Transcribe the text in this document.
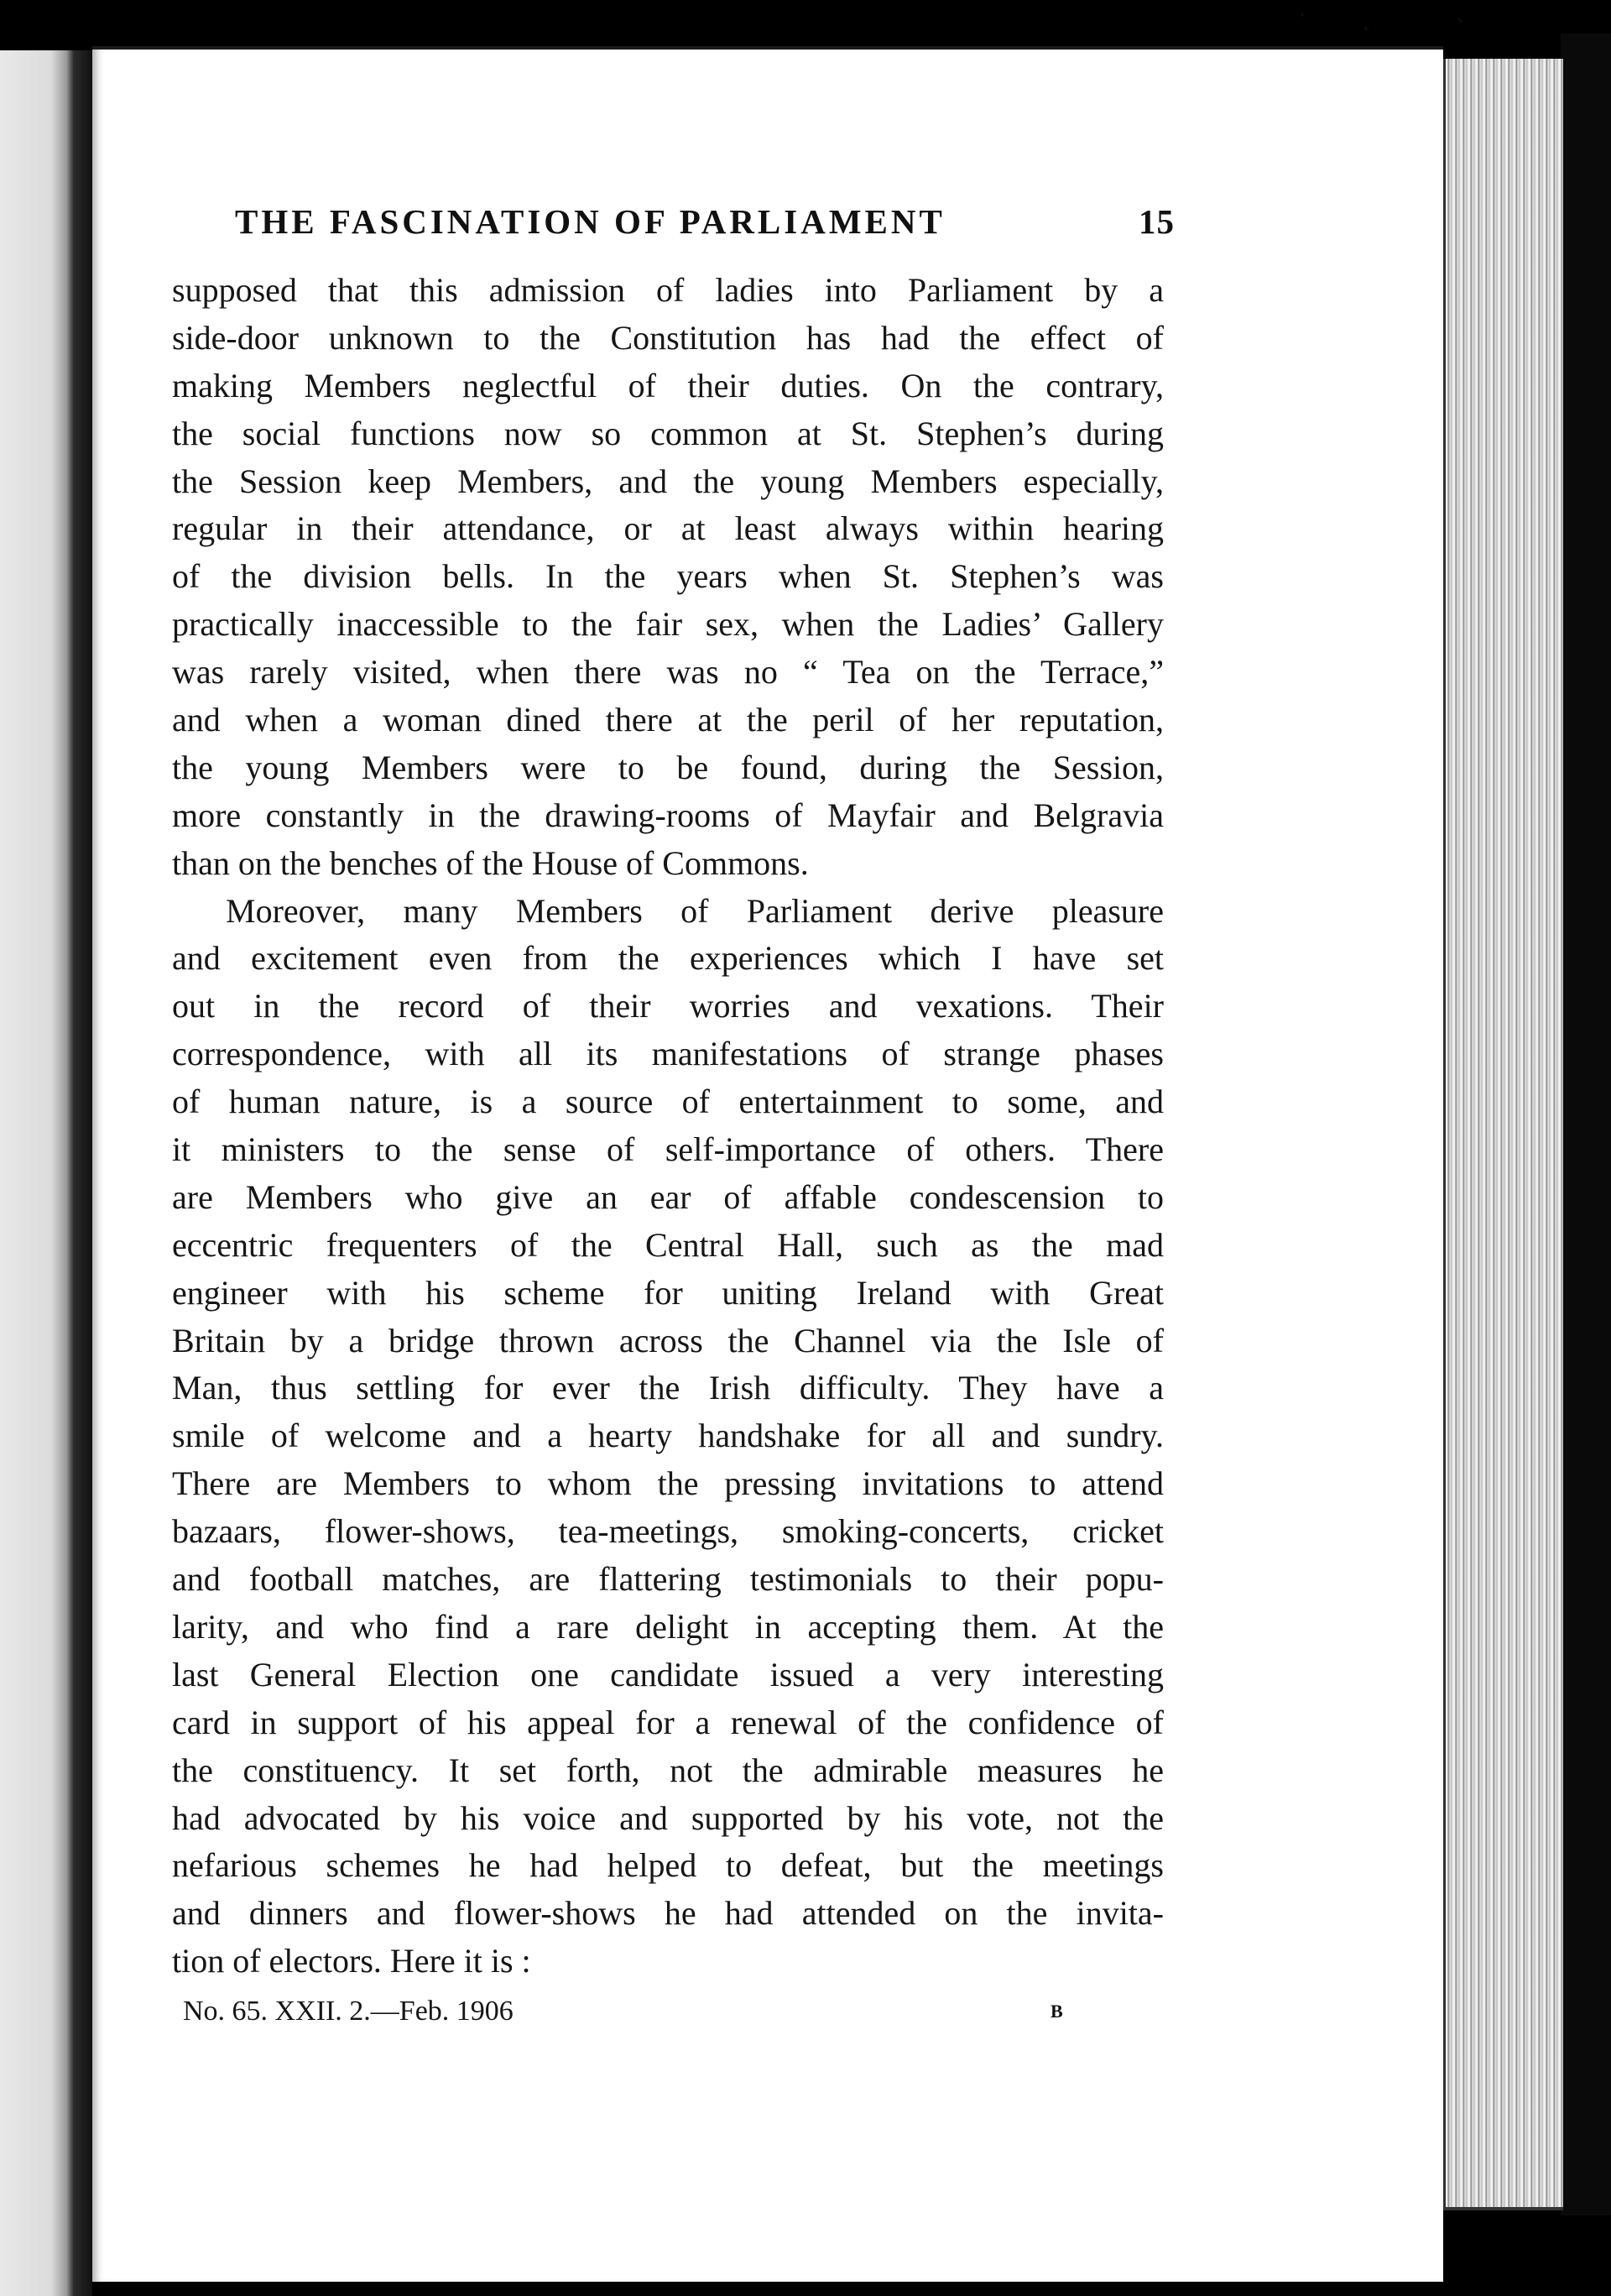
·	˛	`
THE FASCINATION OF PARLIAMENT	15
supposed that this admission of ladies into Parliament by a
side-door unknown to the Constitution has had the effect of
making Members neglectful of their duties. On the contrary,
the social functions now so common at St. Stephen’s during
the Session keep Members, and the young Members especially,
regular in their attendance, or at least always within hearing
of the division bells. In the years when St. Stephen’s was
practically inaccessible to the fair sex, when the Ladies’ Gallery
was rarely visited, when there was no “ Tea on the Terrace,”
and when a woman dined there at the peril of her reputation,
the young Members were to be found, during the Session,
more constantly in the drawing-rooms of Mayfair and Belgravia
than on the benches of the House of Commons.
Moreover, many Members of Parliament derive pleasure
and excitement even from the experiences which I have set
out in the record of their worries and vexations. Their
correspondence, with all its manifestations of strange phases
of human nature, is a source of entertainment to some, and
it ministers to the sense of self-importance of others. There
are Members who give an ear of affable condescension to
eccentric frequenters of the Central Hall, such as the mad
engineer with his scheme for uniting Ireland with Great
Britain by a bridge thrown across the Channel via the Isle of
Man, thus settling for ever the Irish difficulty. They have a
smile of welcome and a hearty handshake for all and sundry.
There are Members to whom the pressing invitations to attend
bazaars, flower-shows, tea-meetings, smoking-concerts, cricket
and football matches, are flattering testimonials to their popu-
larity, and who find a rare delight in accepting them. At the
last General Election one candidate issued a very interesting
card in support of his appeal for a renewal of the confidence of
the constituency. It set forth, not the admirable measures he
had advocated by his voice and supported by his vote, not the
nefarious schemes he had helped to defeat, but the meetings
and dinners and flower-shows he had attended on the invita-
tion of electors. Here it is :
No. 65. XXII. 2.—Feb. 1906	B
